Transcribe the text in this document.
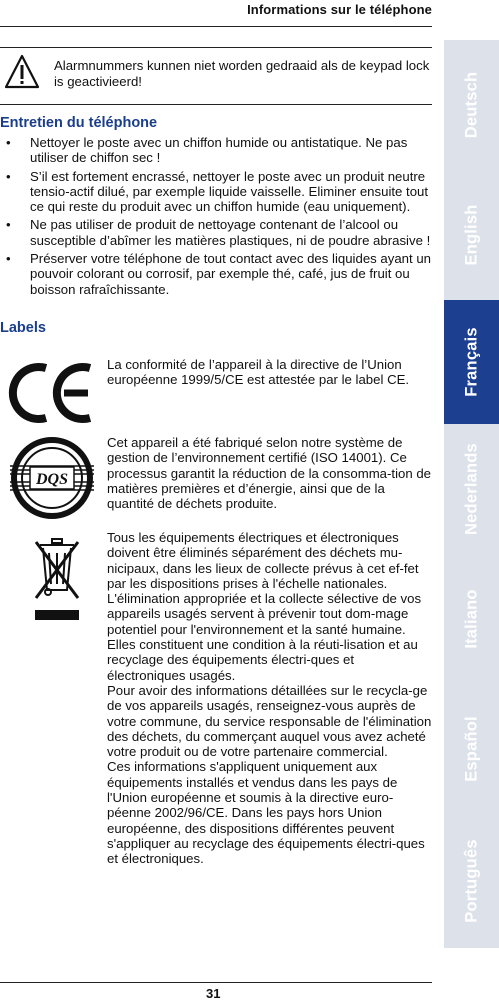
Informations sur le téléphone
Alarmnummers kunnen niet worden gedraaid als de keypad lock is geactivieerd!
Entretien du téléphone
• Nettoyer le poste avec un chiffon humide ou antistatique. Ne pas utiliser de chiffon sec !
• S’il est fortement encrassé, nettoyer le poste avec un produit neutre tensio-actif dilué, par exemple liquide vaisselle. Eliminer ensuite tout ce qui reste du produit avec un chiffon humide (eau uniquement).
• Ne pas utiliser de produit de nettoyage contenant de l’alcool ou susceptible d’abîmer les matières plastiques, ni de poudre abrasive !
• Préserver votre téléphone de tout contact avec des liquides ayant un pouvoir colorant ou corrosif, par exemple thé, café, jus de fruit ou boisson rafraîchissante.
Labels
La conformité de l’appareil à la directive de l’Union européenne 1999/5/CE est attestée par le label CE.
DQS
Cet appareil a été fabriqué selon notre système de gestion de l’environnement certifié (ISO 14001). Ce processus garantit la réduction de la consomma-tion de matières premières et d’énergie, ainsi que de la quantité de déchets produite.
Tous les équipements électriques et électroniques doivent être éliminés séparément des déchets mu-nicipaux, dans les lieux de collecte prévus à cet ef-fet par les dispositions prises à l'échelle nationales. L'élimination appropriée et la collecte sélective de vos appareils usagés servent à prévenir tout dom-mage potentiel pour l'environnement et la santé humaine. Elles constituent une condition à la réuti-lisation et au recyclage des équipements électri-ques et électroniques usagés.
Pour avoir des informations détaillées sur le recycla-ge de vos appareils usagés, renseignez-vous auprès de votre commune, du service responsable de l'élimination des déchets, du commerçant auquel vous avez acheté votre produit ou de votre partenaire commercial.
Ces informations s'appliquent uniquement aux équipements installés et vendus dans les pays de l'Union européenne et soumis à la directive euro-péenne 2002/96/CE. Dans les pays hors Union européenne, des dispositions différentes peuvent s'appliquer au recyclage des équipements électri-ques et électroniques.
Deutsch
English
Français
Nederlands
Italiano
Español
Português
31
